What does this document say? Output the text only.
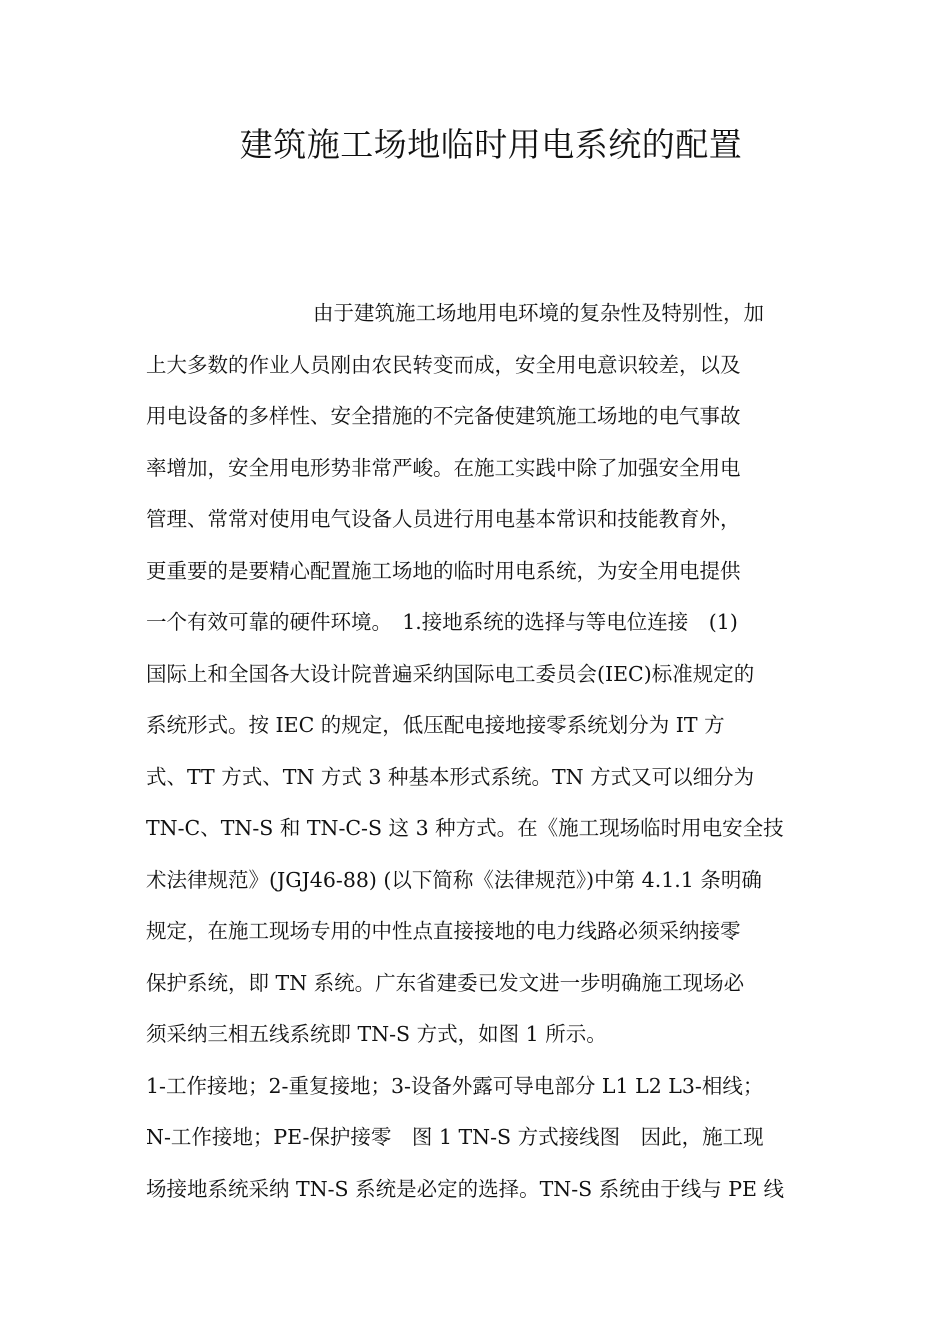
建筑施工场地临时用电系统的配置
由于建筑施工场地用电环境的复杂性及特别性，加
上大多数的作业人员刚由农民转变而成，安全用电意识较差，以及
用电设备的多样性、安全措施的不完备使建筑施工场地的电气事故
率增加，安全用电形势非常严峻。在施工实践中除了加强安全用电
管理、常常对使用电气设备人员进行用电基本常识和技能教育外，
更重要的是要精心配置施工场地的临时用电系统，为安全用电提供
一个有效可靠的硬件环境。　1.接地系统的选择与等电位连接　(1)
国际上和全国各大设计院普遍采纳国际电工委员会(IEC)标准规定的
系统形式。按 IEC 的规定，低压配电接地接零系统划分为 IT 方
式、TT 方式、TN 方式 3 种基本形式系统。TN 方式又可以细分为
TN-C、TN-S 和 TN-C-S 这 3 种方式。在《施工现场临时用电安全技
术法律规范》(JGJ46-88) (以下简称《法律规范》)中第 4.1.1 条明确
规定，在施工现场专用的中性点直接接地的电力线路必须采纳接零
保护系统，即 TN 系统。广东省建委已发文进一步明确施工现场必
须采纳三相五线系统即 TN-S 方式，如图 1 所示。
1-工作接地；2-重复接地；3-设备外露可导电部分 L1 L2 L3-相线；
N-工作接地；PE-保护接零　图 1 TN-S 方式接线图　因此，施工现
场接地系统采纳 TN-S 系统是必定的选择。TN-S 系统由于线与 PE 线
